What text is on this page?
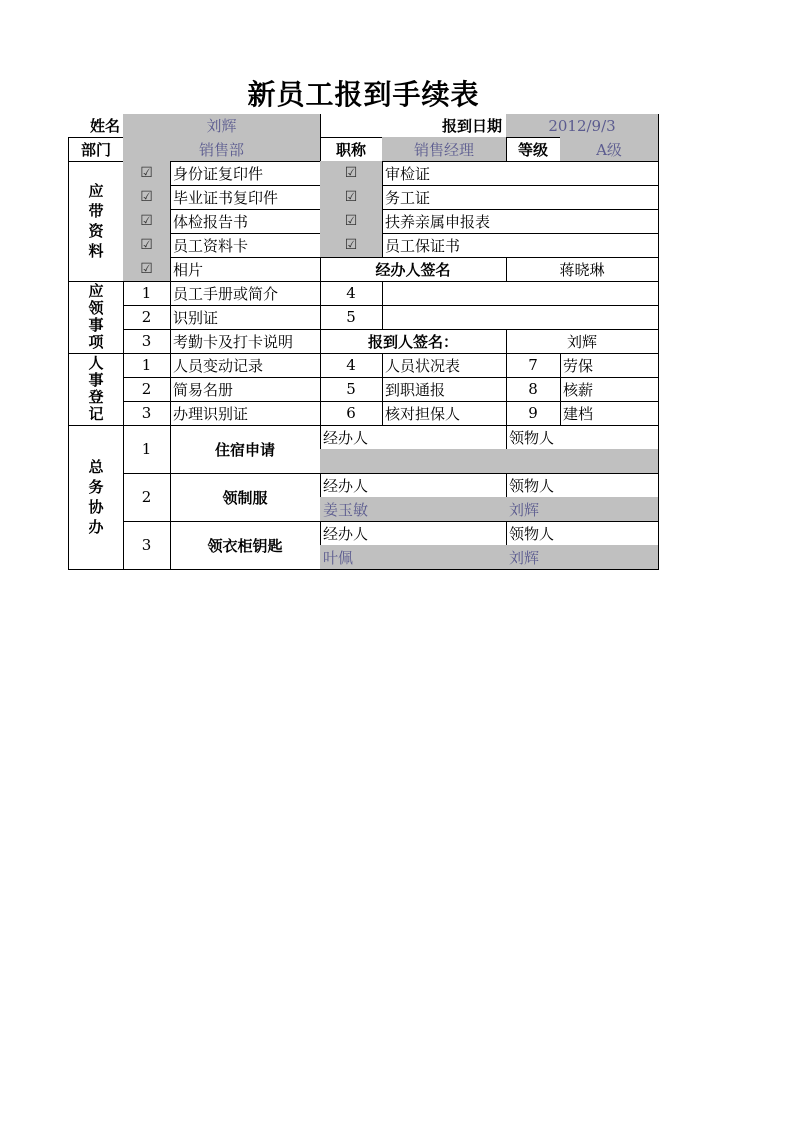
新员工报到手续表
姓名	刘辉	报到日期	2012/9/3
部门	销售部	职称	销售经理	等级	A级
应
带
资
料
☑	身份证复印件	☑	审检证
☑	毕业证书复印件	☑	务工证
☑	体检报告书	☑	扶养亲属申报表
☑	员工资料卡	☑	员工保证书
☑	相片	经办人签名	蒋晓琳
应
领
事
项
1	员工手册或简介	4
2	识别证	5
3	考勤卡及打卡说明	报到人签名：	刘辉
人
事
登
记
1	人员变动记录	4	人员状况表	7	劳保
2	简易名册	5	到职通报	8	核薪
3	办理识别证	6	核对担保人	9	建档
总
务
协
办
1	住宿申请
经办人	领物人
2	领制服
经办人	领物人
姜玉敏	刘辉
3	领衣柜钥匙
经办人	领物人
叶佩	刘辉
